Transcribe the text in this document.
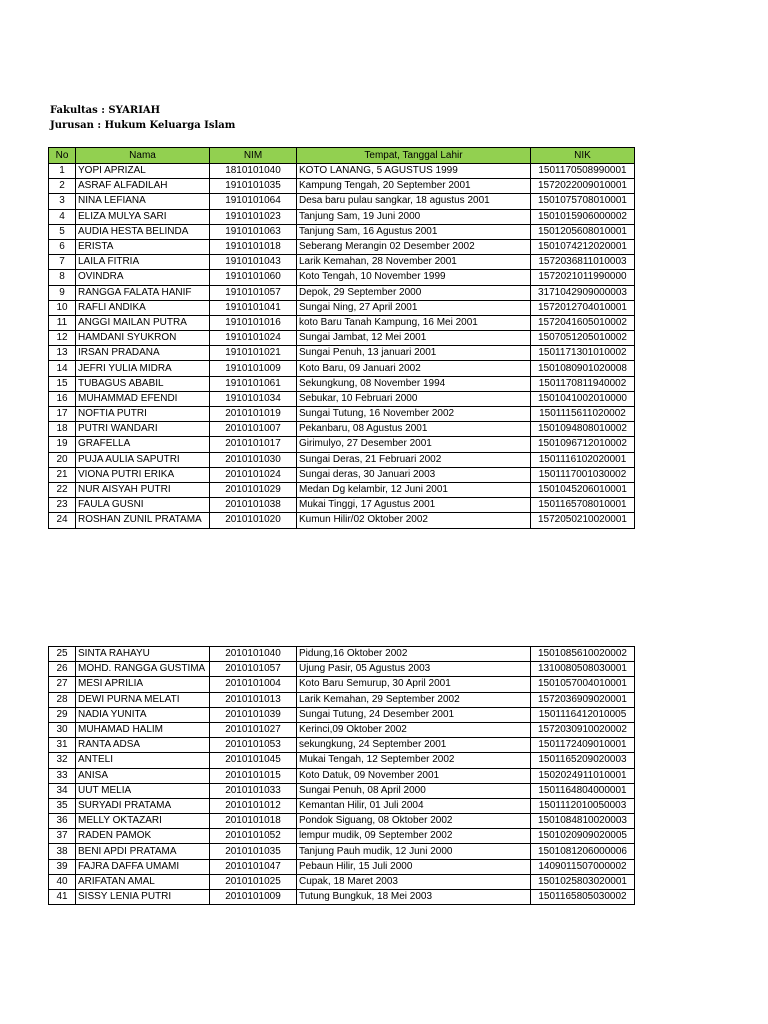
Fakultas : SYARIAH
Jurusan : Hukum Keluarga Islam
No	Nama	NIM	Tempat, Tanggal Lahir	NIK
1	YOPI APRIZAL	1810101040	KOTO LANANG, 5 AGUSTUS 1999	1501170508990001
2	ASRAF ALFADILAH	1910101035	Kampung Tengah, 20 September 2001	1572022009010001
3	NINA LEFIANA	1910101064	Desa baru pulau sangkar, 18 agustus 2001	1501075708010001
4	ELIZA MULYA SARI	1910101023	Tanjung Sam, 19 Juni 2000	1501015906000002
5	AUDIA HESTA BELINDA	1910101063	Tanjung Sam, 16 Agustus 2001	1501205608010001
6	ERISTA	1910101018	Seberang Merangin 02 Desember 2002	1501074212020001
7	LAILA FITRIA	1910101043	Larik Kemahan, 28 November 2001	1572036811010003
8	OVINDRA	1910101060	Koto Tengah, 10 November 1999	1572021011990000
9	RANGGA FALATA HANIF	1910101057	Depok, 29 September 2000	3171042909000003
10	RAFLI ANDIKA	1910101041	Sungai Ning, 27 April 2001	1572012704010001
11	ANGGI MAILAN PUTRA	1910101016	koto Baru Tanah Kampung, 16 Mei 2001	1572041605010002
12	HAMDANI SYUKRON	1910101024	Sungai Jambat, 12 Mei 2001	1507051205010002
13	IRSAN PRADANA	1910101021	Sungai Penuh, 13 januari 2001	1501171301010002
14	JEFRI YULIA MIDRA	1910101009	Koto Baru, 09 Januari 2002	1501080901020008
15	TUBAGUS ABABIL	1910101061	Sekungkung, 08 November 1994	1501170811940002
16	MUHAMMAD EFENDI	1910101034	Sebukar, 10 Februari 2000	1501041002010000
17	NOFTIA PUTRI	2010101019	Sungai Tutung, 16 November 2002	1501115611020002
18	PUTRI WANDARI	2010101007	Pekanbaru, 08 Agustus 2001	1501094808010002
19	GRAFELLA	2010101017	Girimulyo, 27 Desember 2001	1501096712010002
20	PUJA AULIA SAPUTRI	2010101030	Sungai Deras, 21 Februari 2002	1501116102020001
21	VIONA PUTRI ERIKA	2010101024	Sungai deras, 30 Januari 2003	1501117001030002
22	NUR AISYAH PUTRI	2010101029	Medan Dg kelambir, 12 Juni 2001	1501045206010001
23	FAULA GUSNI	2010101038	Mukai Tinggi, 17 Agustus 2001	1501165708010001
24	ROSHAN ZUNIL PRATAMA	2010101020	Kumun Hilir/02 Oktober 2002	1572050210020001
25	SINTA RAHAYU	2010101040	Pidung,16 Oktober 2002	1501085610020002
26	MOHD. RANGGA GUSTIMA	2010101057	Ujung Pasir, 05 Agustus 2003	1310080508030001
27	MESI APRILIA	2010101004	Koto Baru Semurup, 30 April 2001	1501057004010001
28	DEWI PURNA MELATI	2010101013	Larik Kemahan, 29 September 2002	1572036909020001
29	NADIA YUNITA	2010101039	Sungai Tutung, 24 Desember 2001	1501116412010005
30	MUHAMAD HALIM	2010101027	Kerinci,09 Oktober 2002	1572030910020002
31	RANTA ADSA	2010101053	sekungkung, 24 September 2001	1501172409010001
32	ANTELI	2010101045	Mukai Tengah, 12 September 2002	1501165209020003
33	ANISA	2010101015	Koto Datuk, 09 November 2001	1502024911010001
34	UUT MELIA	2010101033	Sungai Penuh, 08 April 2000	1501164804000001
35	SURYADI PRATAMA	2010101012	Kemantan Hilir, 01 Juli 2004	1501112010050003
36	MELLY OKTAZARI	2010101018	Pondok Siguang, 08 Oktober 2002	1501084810020003
37	RADEN PAMOK	2010101052	lempur mudik, 09 September 2002	1501020909020005
38	BENI APDI PRATAMA	2010101035	Tanjung Pauh mudik, 12 Juni 2000	1501081206000006
39	FAJRA DAFFA UMAMI	2010101047	Pebaun Hilir, 15 Juli 2000	1409011507000002
40	ARIFATAN AMAL	2010101025	Cupak, 18 Maret 2003	1501025803020001
41	SISSY LENIA PUTRI	2010101009	Tutung Bungkuk, 18 Mei 2003	1501165805030002
